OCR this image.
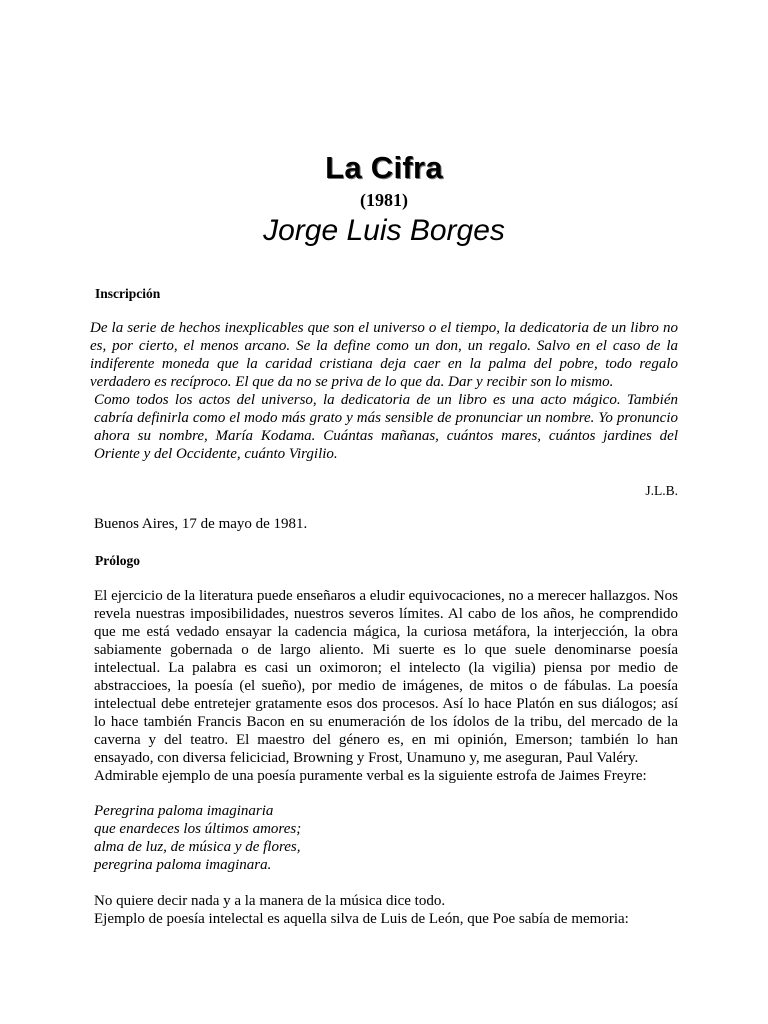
La Cifra
(1981)
Jorge Luis Borges
Inscripción

De la serie de hechos inexplicables que son el universo o el tiempo, la dedicatoria de un libro no es, por cierto, el menos arcano. Se la define como un don, un regalo. Salvo en el caso de la indiferente moneda que la caridad cristiana deja caer en la palma del pobre, todo regalo verdadero es recíproco. El que da no se priva de lo que da. Dar y recibir son lo mismo.

Como todos los actos del universo, la dedicatoria de un libro es una acto mágico. También cabría definirla como el modo más grato y más sensible de pronunciar un nombre. Yo pronuncio ahora su nombre, María Kodama. Cuántas mañanas, cuántos mares, cuántos jardines del Oriente y del Occidente, cuánto Virgilio.

J.L.B.
Buenos Aires, 17 de mayo de 1981.
Prólogo

El ejercicio de la literatura puede enseñaros a eludir equivocaciones, no a merecer hallazgos. Nos revela nuestras imposibilidades, nuestros severos límites. Al cabo de los años, he comprendido que me está vedado ensayar la cadencia mágica, la curiosa metáfora, la interjección, la obra sabiamente gobernada o de largo aliento. Mi suerte es lo que suele denominarse poesía intelectual. La palabra es casi un oximoron; el intelecto (la vigilia) piensa por medio de abstraccioes, la poesía (el sueño), por medio de imágenes, de mitos o de fábulas. La poesía intelectual debe entretejer gratamente esos dos procesos. Así lo hace Platón en sus diálogos; así lo hace también Francis Bacon en su enumeración de los ídolos de la tribu, del mercado de la caverna y del teatro. El maestro del género es, en mi opinión, Emerson; también lo han ensayado, con diversa feliciciad, Browning y Frost, Unamuno y, me aseguran, Paul Valéry.

Admirable ejemplo de una poesía puramente verbal es la siguiente estrofa de Jaimes Freyre:

Peregrina paloma imaginaria
que enardeces los últimos amores;
alma de luz, de música y de flores,
peregrina paloma imaginara.
No quiere decir nada y a la manera de la música dice todo.
Ejemplo de poesía intelectal es aquella silva de Luis de León, que Poe sabía de memoria:
